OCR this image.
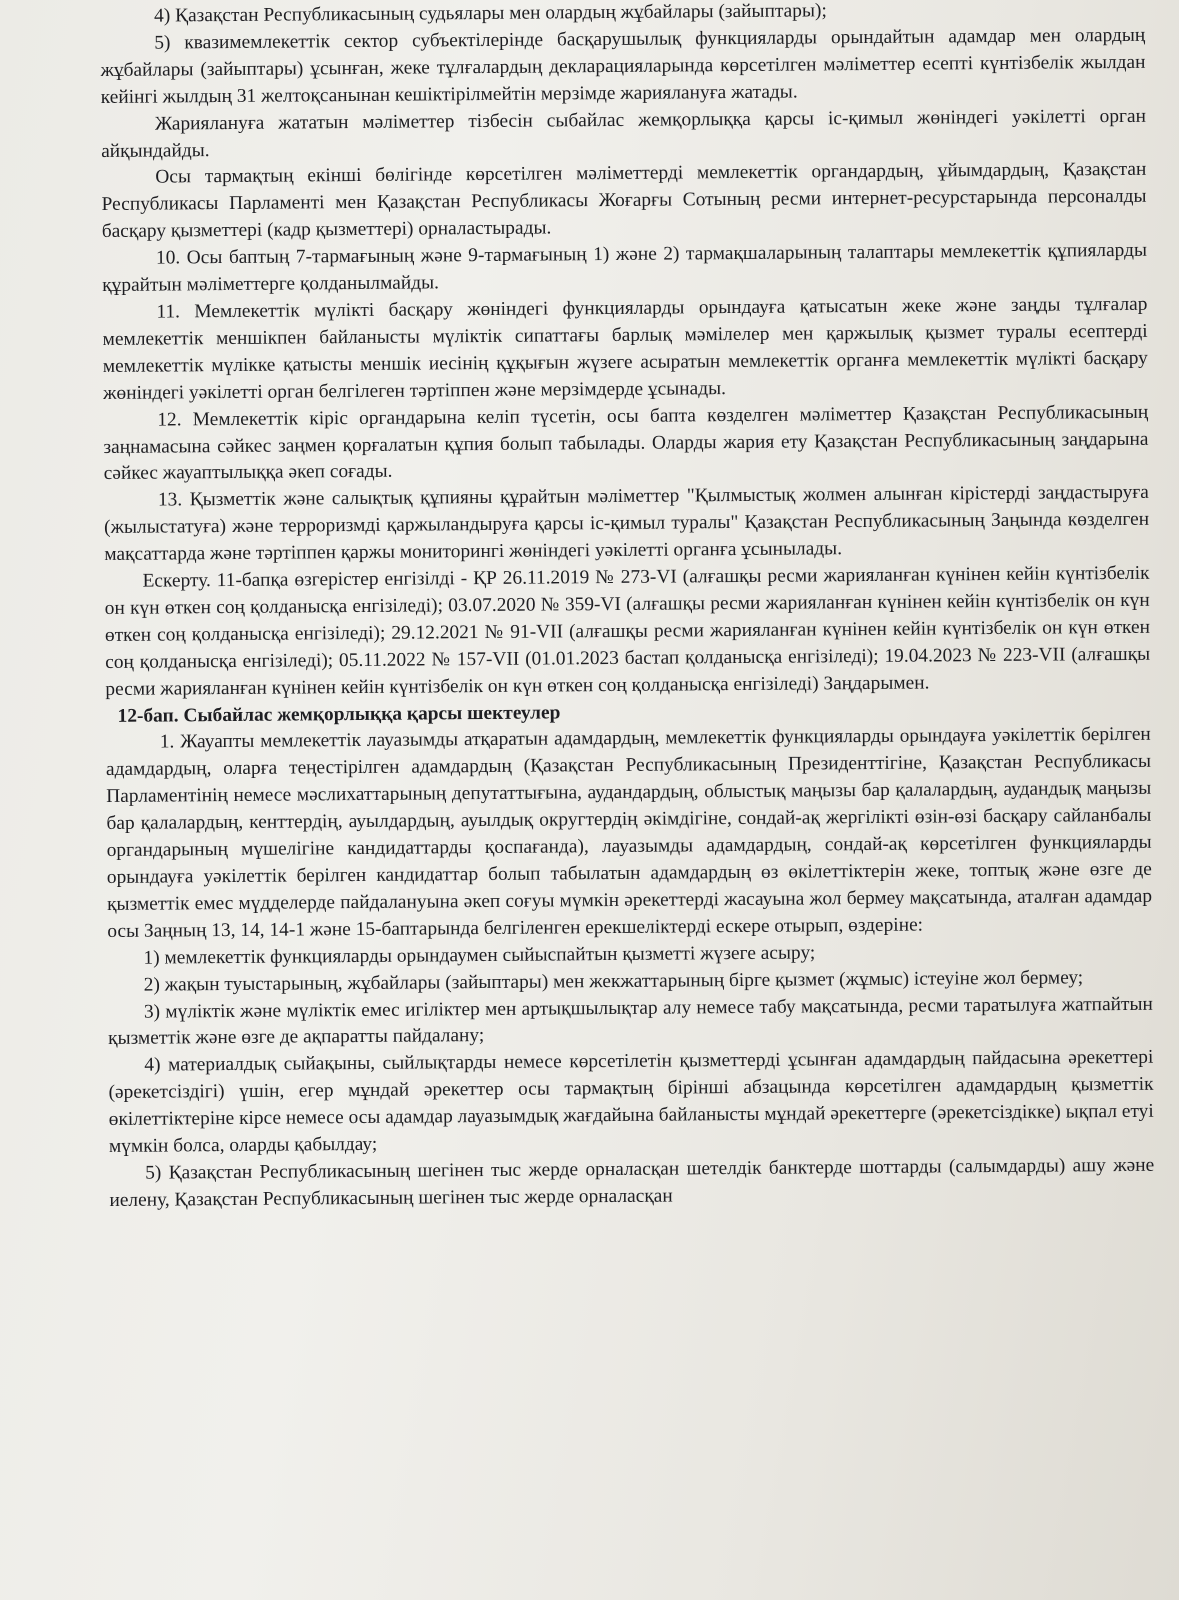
4) Қазақстан Республикасының судьялары мен олардың жұбайлары (зайыптары);

5) квазимемлекеттік сектор субъектілерінде басқарушылық функцияларды орындайтын адамдар мен олардың жұбайлары (зайыптары) ұсынған, жеке тұлғалардың декларацияларында көрсетілген мәліметтер есепті күнтізбелік жылдан кейінгі жылдың 31 желтоқсанынан кешіктірілмейтін мерзімде жариялануға жатады.

Жариялануға жататын мәліметтер тізбесін сыбайлас жемқорлыққа қарсы іс-қимыл жөніндегі уәкілетті орган айқындайды.

Осы тармақтың екінші бөлігінде көрсетілген мәліметтерді мемлекеттік органдардың, ұйымдардың, Қазақстан Республикасы Парламенті мен Қазақстан Республикасы Жоғарғы Сотының ресми интернет-ресурстарында персоналды басқару қызметтері (кадр қызметтері) орналастырады.

10. Осы баптың 7-тармағының және 9-тармағының 1) және 2) тармақшаларының талаптары мемлекеттік құпияларды құрайтын мәліметтерге қолданылмайды.

11. Мемлекеттік мүлікті басқару жөніндегі функцияларды орындауға қатысатын жеке және заңды тұлғалар мемлекеттік меншікпен байланысты мүліктік сипаттағы барлық мәмілелер мен қаржылық қызмет туралы есептерді мемлекеттік мүлікке қатысты меншік иесінің құқығын жүзеге асыратын мемлекеттік органға мемлекеттік мүлікті басқару жөніндегі уәкілетті орган белгілеген тәртіппен және мерзімдерде ұсынады.

12. Мемлекеттік кіріс органдарына келіп түсетін, осы бапта көзделген мәліметтер Қазақстан Республикасының заңнамасына сәйкес заңмен қорғалатын құпия болып табылады. Оларды жария ету Қазақстан Республикасының заңдарына сәйкес жауаптылыққа әкеп соғады.

13. Қызметтік және салықтық құпияны құрайтын мәліметтер "Қылмыстық жолмен алынған кірістерді заңдастыруға (жылыстатуға) және терроризмді қаржыландыруға қарсы іс-қимыл туралы" Қазақстан Республикасының Заңында көзделген мақсаттарда және тәртіппен қаржы мониторингі жөніндегі уәкілетті органға ұсынылады.

Ескерту. 11-бапқа өзгерістер енгізілді - ҚР 26.11.2019 № 273-VI (алғашқы ресми жарияланған күнінен кейін күнтізбелік он күн өткен соң қолданысқа енгізіледі); 03.07.2020 № 359-VI (алғашқы ресми жарияланған күнінен кейін күнтізбелік он күн өткен соң қолданысқа енгізіледі); 29.12.2021 № 91-VII (алғашқы ресми жарияланған күнінен кейін күнтізбелік он күн өткен соң қолданысқа енгізіледі); 05.11.2022 № 157-VII (01.01.2023 бастап қолданысқа енгізіледі); 19.04.2023 № 223-VII (алғашқы ресми жарияланған күнінен кейін күнтізбелік он күн өткен соң қолданысқа енгізіледі) Заңдарымен.

12-бап. Сыбайлас жемқорлыққа қарсы шектеулер

1. Жауапты мемлекеттік лауазымды атқаратын адамдардың, мемлекеттік функцияларды орындауға уәкілеттік берілген адамдардың, оларға теңестірілген адамдардың (Қазақстан Республикасының Президенттігіне, Қазақстан Республикасы Парламентінің немесе мәслихаттарының депутаттығына, аудандардың, облыстық маңызы бар қалалардың, аудандық маңызы бар қалалардың, кенттердің, ауылдардың, ауылдық округтердің әкімдігіне, сондай-ақ жергілікті өзін-өзі басқару сайланбалы органдарының мүшелігіне кандидаттарды қоспағанда), лауазымды адамдардың, сондай-ақ көрсетілген функцияларды орындауға уәкілеттік берілген кандидаттар болып табылатын адамдардың өз өкілеттіктерін жеке, топтық және өзге де қызметтік емес мүдделерде пайдалануына әкеп соғуы мүмкін әрекеттерді жасауына жол бермеу мақсатында, аталған адамдар осы Заңның 13, 14, 14-1 және 15-баптарында белгіленген ерекшеліктерді ескере отырып, өздеріне:

1) мемлекеттік функцияларды орындаумен сыйыспайтын қызметті жүзеге асыру;

2) жақын туыстарының, жұбайлары (зайыптары) мен жекжаттарының бірге қызмет (жұмыс) істеуіне жол бермеу;

3) мүліктік және мүліктік емес игіліктер мен артықшылықтар алу немесе табу мақсатында, ресми таратылуға жатпайтын қызметтік және өзге де ақпаратты пайдалану;

4) материалдық сыйақыны, сыйлықтарды немесе көрсетілетін қызметтерді ұсынған адамдардың пайдасына әрекеттері (әрекетсіздігі) үшін, егер мұндай әрекеттер осы тармақтың бірінші абзацында көрсетілген адамдардың қызметтік өкілеттіктеріне кірсе немесе осы адамдар лауазымдық жағдайына байланысты мұндай әрекеттерге (әрекетсіздікке) ықпал етуі мүмкін болса, оларды қабылдау;

5) Қазақстан Республикасының шегінен тыс жерде орналасқан шетелдік банктерде шоттарды (салымдарды) ашу және иелену, Қазақстан Республикасының шегінен тыс жерде орналасқан
